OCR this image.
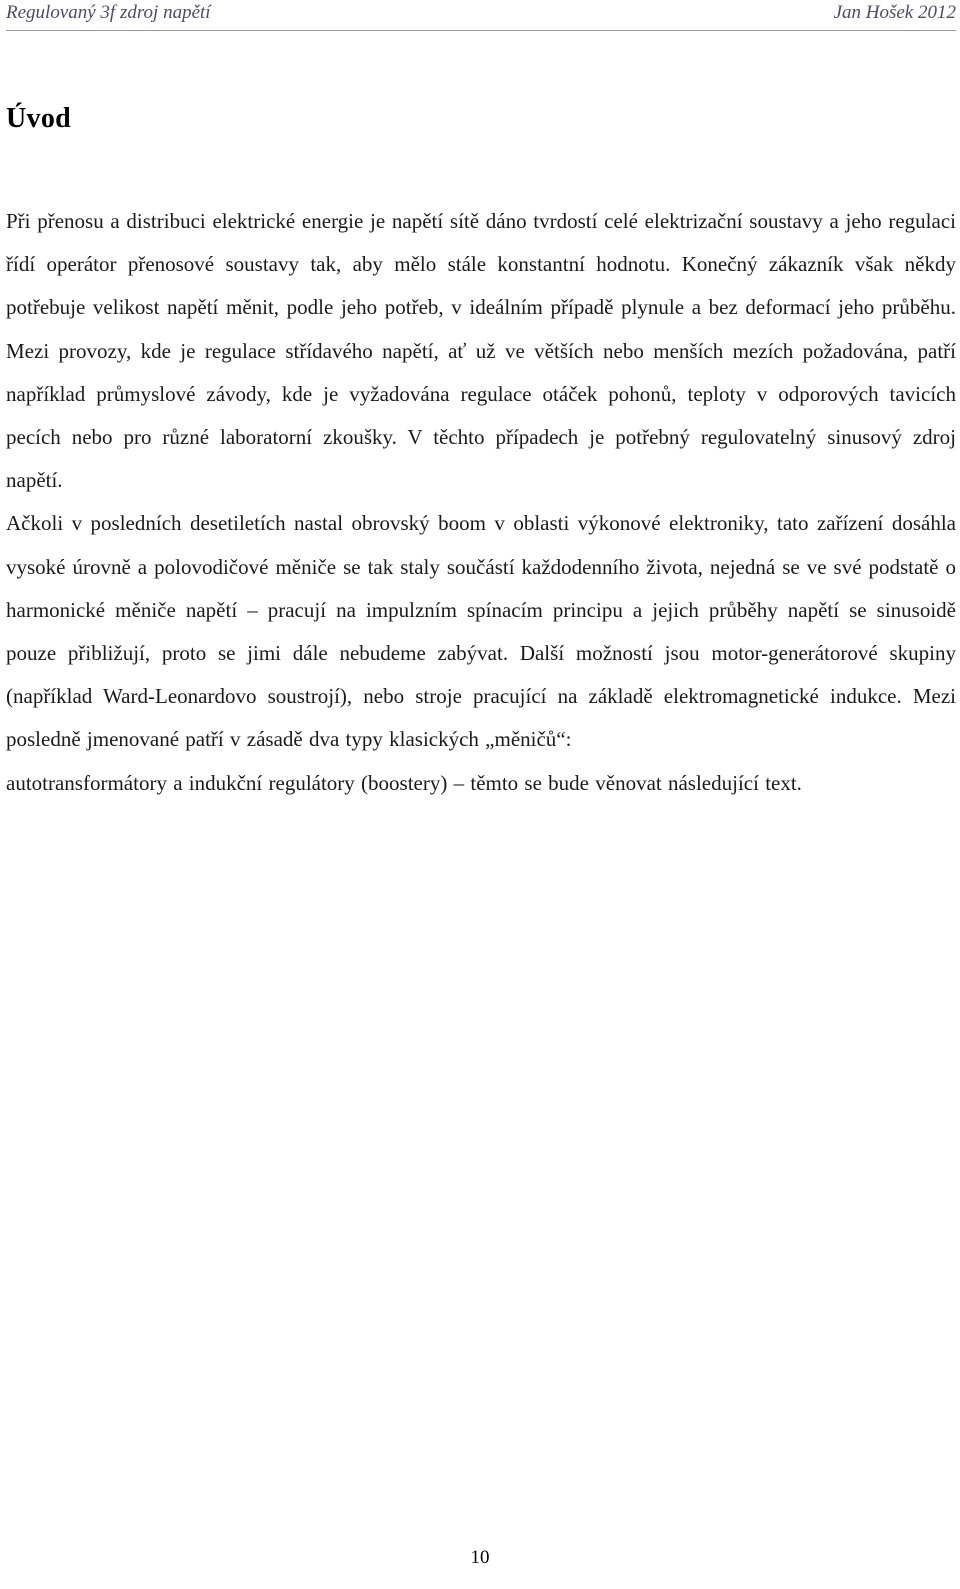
Regulovaný 3f zdroj napětí	Jan Hošek 2012
Úvod

Při přenosu a distribuci elektrické energie je napětí sítě dáno tvrdostí celé elektrizační soustavy a jeho regulaci řídí operátor přenosové soustavy tak, aby mělo stále konstantní hodnotu. Konečný zákazník však někdy potřebuje velikost napětí měnit, podle jeho potřeb, v ideálním případě plynule a bez deformací jeho průběhu. Mezi provozy, kde je regulace střídavého napětí, ať už ve větších nebo menších mezích požadována, patří například průmyslové závody, kde je vyžadována regulace otáček pohonů, teploty v odporových tavicích pecích nebo pro různé laboratorní zkoušky. V těchto případech je potřebný regulovatelný sinusový zdroj napětí.

Ačkoli v posledních desetiletích nastal obrovský boom v oblasti výkonové elektroniky, tato zařízení dosáhla vysoké úrovně a polovodičové měniče se tak staly součástí každodenního života, nejedná se ve své podstatě o harmonické měniče napětí – pracují na impulzním spínacím principu a jejich průběhy napětí se sinusoidě pouze přibližují, proto se jimi dále nebudeme zabývat. Další možností jsou motor-generátorové skupiny (například Ward-Leonardovo soustrojí), nebo stroje pracující na základě elektromagnetické indukce. Mezi posledně jmenované patří v zásadě dva typy klasických „měničů“:

autotransformátory a indukční regulátory (boostery) – těmto se bude věnovat následující text.

10
